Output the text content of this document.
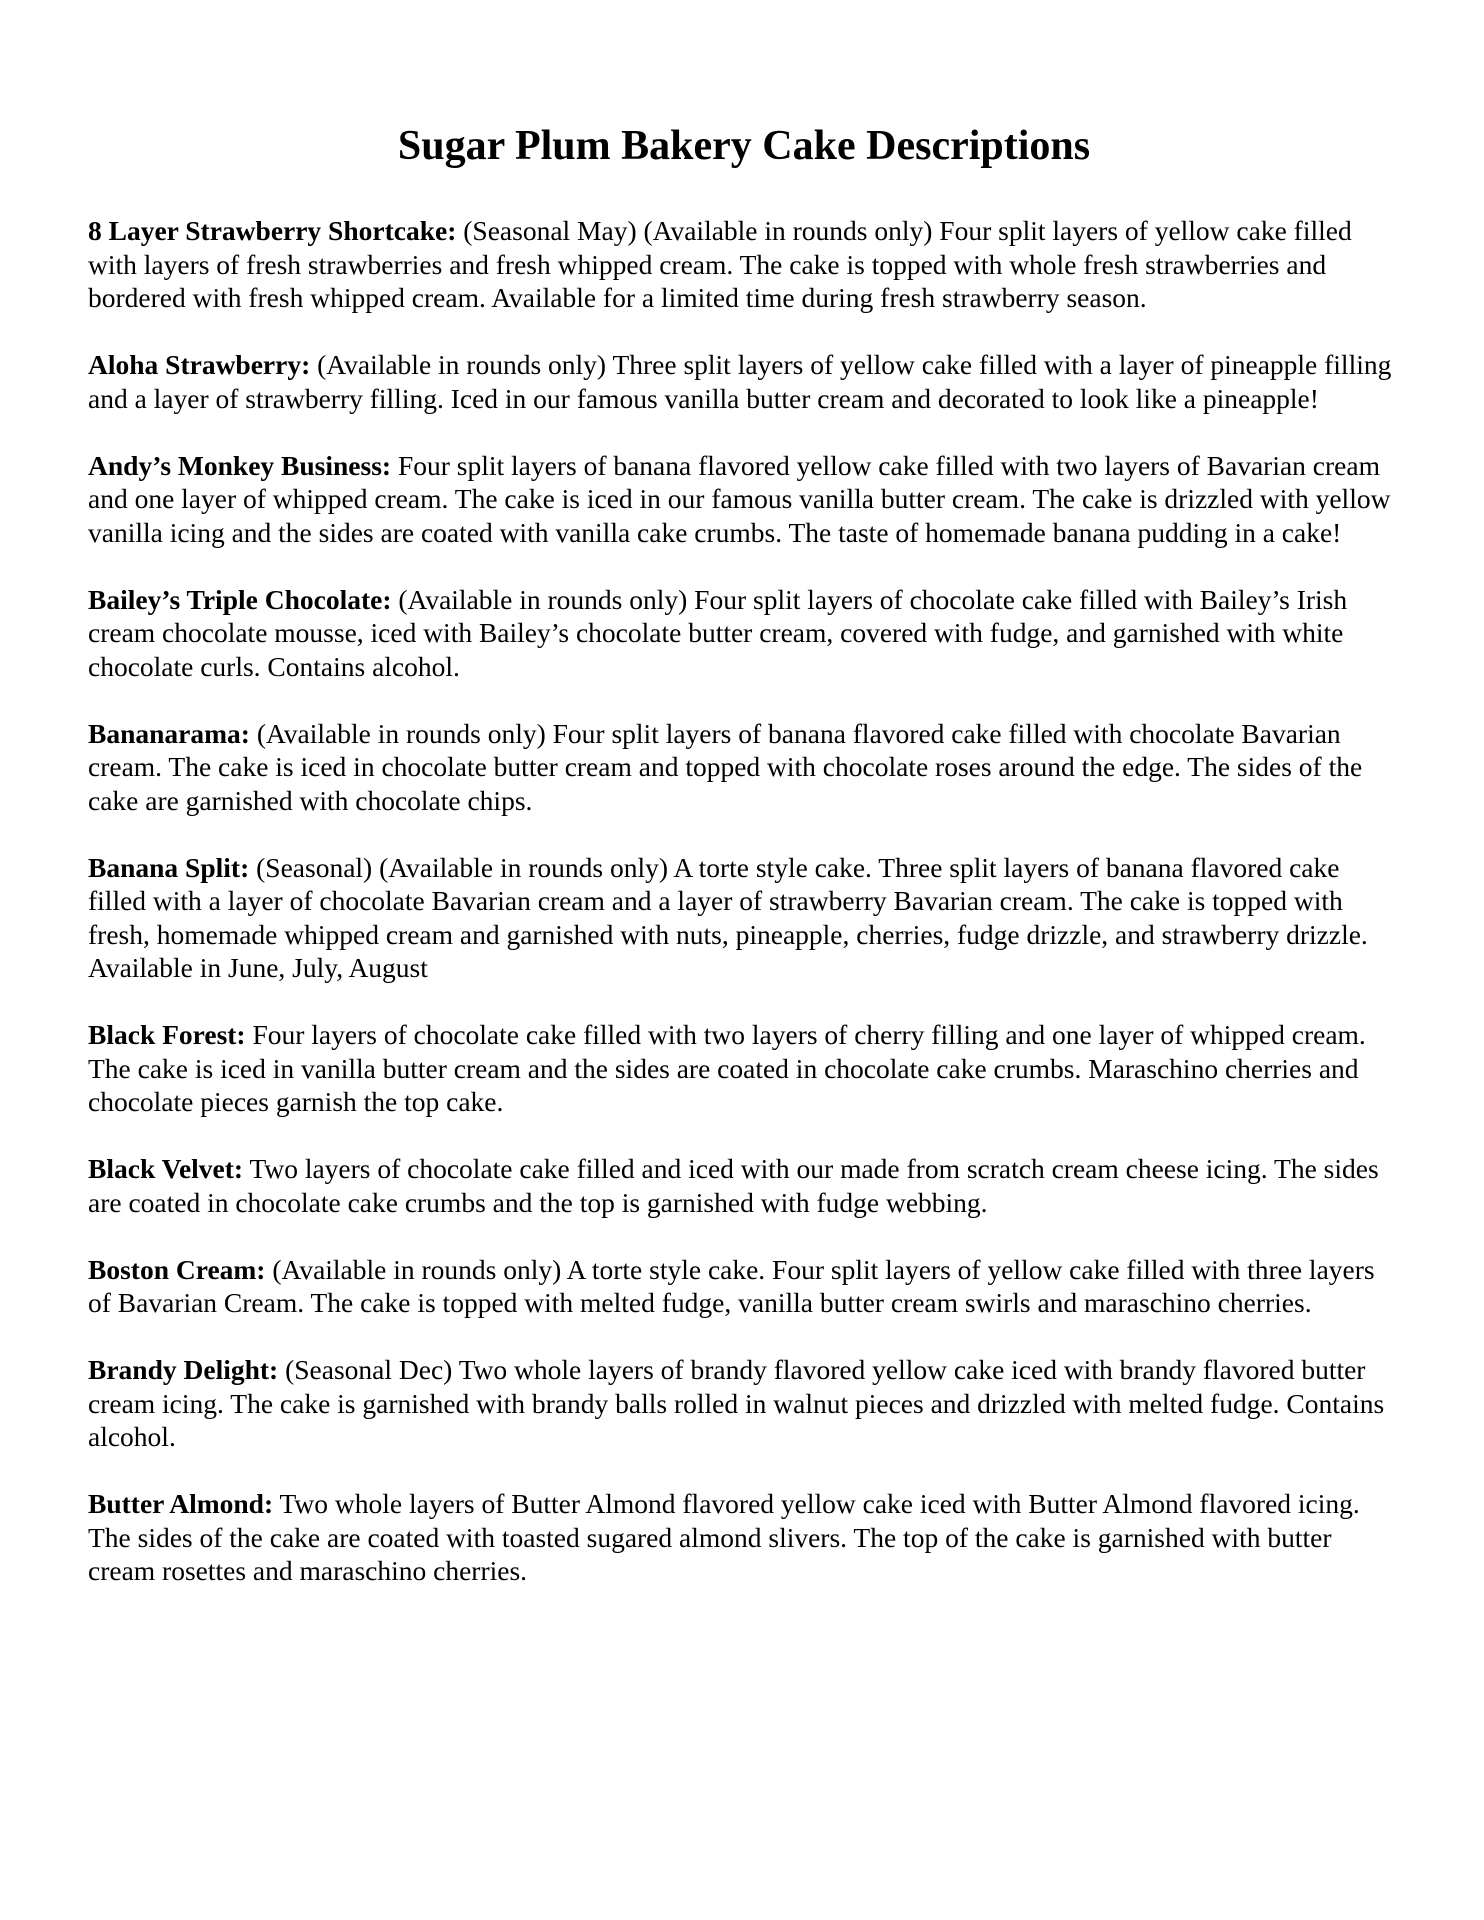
Sugar Plum Bakery Cake Descriptions

8 Layer Strawberry Shortcake: (Seasonal May) (Available in rounds only) Four split layers of yellow cake filled with layers of fresh strawberries and fresh whipped cream. The cake is topped with whole fresh strawberries and bordered with fresh whipped cream. Available for a limited time during fresh strawberry season.

Aloha Strawberry: (Available in rounds only) Three split layers of yellow cake filled with a layer of pineapple filling and a layer of strawberry filling. Iced in our famous vanilla butter cream and decorated to look like a pineapple!

Andy’s Monkey Business: Four split layers of banana flavored yellow cake filled with two layers of Bavarian cream and one layer of whipped cream. The cake is iced in our famous vanilla butter cream. The cake is drizzled with yellow vanilla icing and the sides are coated with vanilla cake crumbs. The taste of homemade banana pudding in a cake!

Bailey’s Triple Chocolate: (Available in rounds only) Four split layers of chocolate cake filled with Bailey’s Irish cream chocolate mousse, iced with Bailey’s chocolate butter cream, covered with fudge, and garnished with white chocolate curls. Contains alcohol.

Bananarama: (Available in rounds only) Four split layers of banana flavored cake filled with chocolate Bavarian cream. The cake is iced in chocolate butter cream and topped with chocolate roses around the edge. The sides of the cake are garnished with chocolate chips.

Banana Split: (Seasonal) (Available in rounds only) A torte style cake. Three split layers of banana flavored cake filled with a layer of chocolate Bavarian cream and a layer of strawberry Bavarian cream. The cake is topped with fresh, homemade whipped cream and garnished with nuts, pineapple, cherries, fudge drizzle, and strawberry drizzle. Available in June, July, August

Black Forest: Four layers of chocolate cake filled with two layers of cherry filling and one layer of whipped cream. The cake is iced in vanilla butter cream and the sides are coated in chocolate cake crumbs. Maraschino cherries and chocolate pieces garnish the top cake.

Black Velvet: Two layers of chocolate cake filled and iced with our made from scratch cream cheese icing. The sides are coated in chocolate cake crumbs and the top is garnished with fudge webbing.

Boston Cream: (Available in rounds only) A torte style cake. Four split layers of yellow cake filled with three layers of Bavarian Cream. The cake is topped with melted fudge, vanilla butter cream swirls and maraschino cherries.

Brandy Delight: (Seasonal Dec) Two whole layers of brandy flavored yellow cake iced with brandy flavored butter cream icing. The cake is garnished with brandy balls rolled in walnut pieces and drizzled with melted fudge. Contains alcohol.

Butter Almond: Two whole layers of Butter Almond flavored yellow cake iced with Butter Almond flavored icing. The sides of the cake are coated with toasted sugared almond slivers. The top of the cake is garnished with butter cream rosettes and maraschino cherries.
